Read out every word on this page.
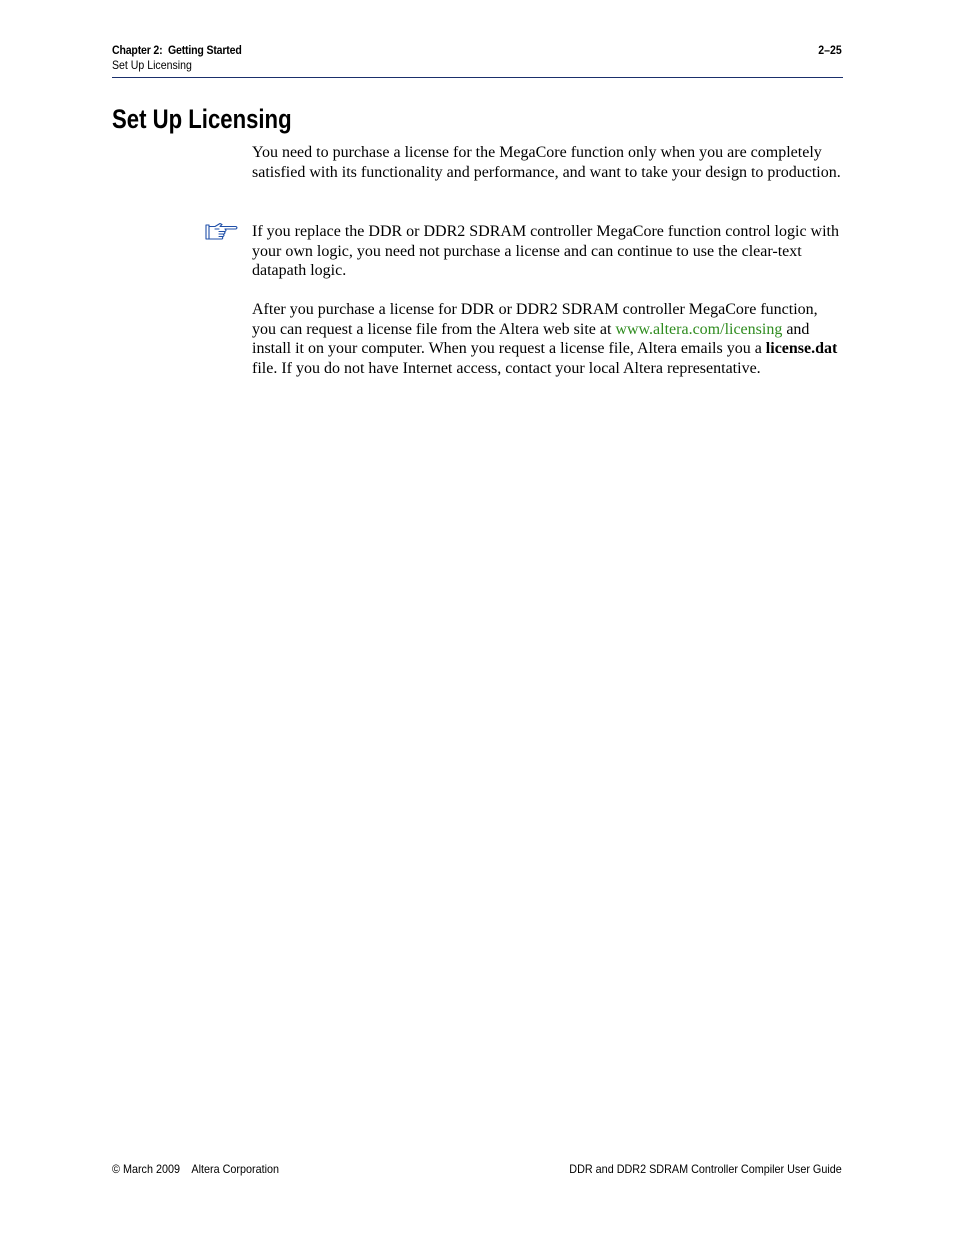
Chapter 2:  Getting Started
Set Up Licensing
2–25
Set Up Licensing

You need to purchase a license for the MegaCore function only when you are completely satisfied with its functionality and performance, and want to take your design to production.

If you replace the DDR or DDR2 SDRAM controller MegaCore function control logic with your own logic, you need not purchase a license and can continue to use the clear-text datapath logic.

After you purchase a license for DDR or DDR2 SDRAM controller MegaCore function, you can request a license file from the Altera web site at www.altera.com/licensing and install it on your computer. When you request a license file, Altera emails you a license.dat file. If you do not have Internet access, contact your local Altera representative.

© March 2009    Altera Corporation	DDR and DDR2 SDRAM Controller Compiler User Guide
